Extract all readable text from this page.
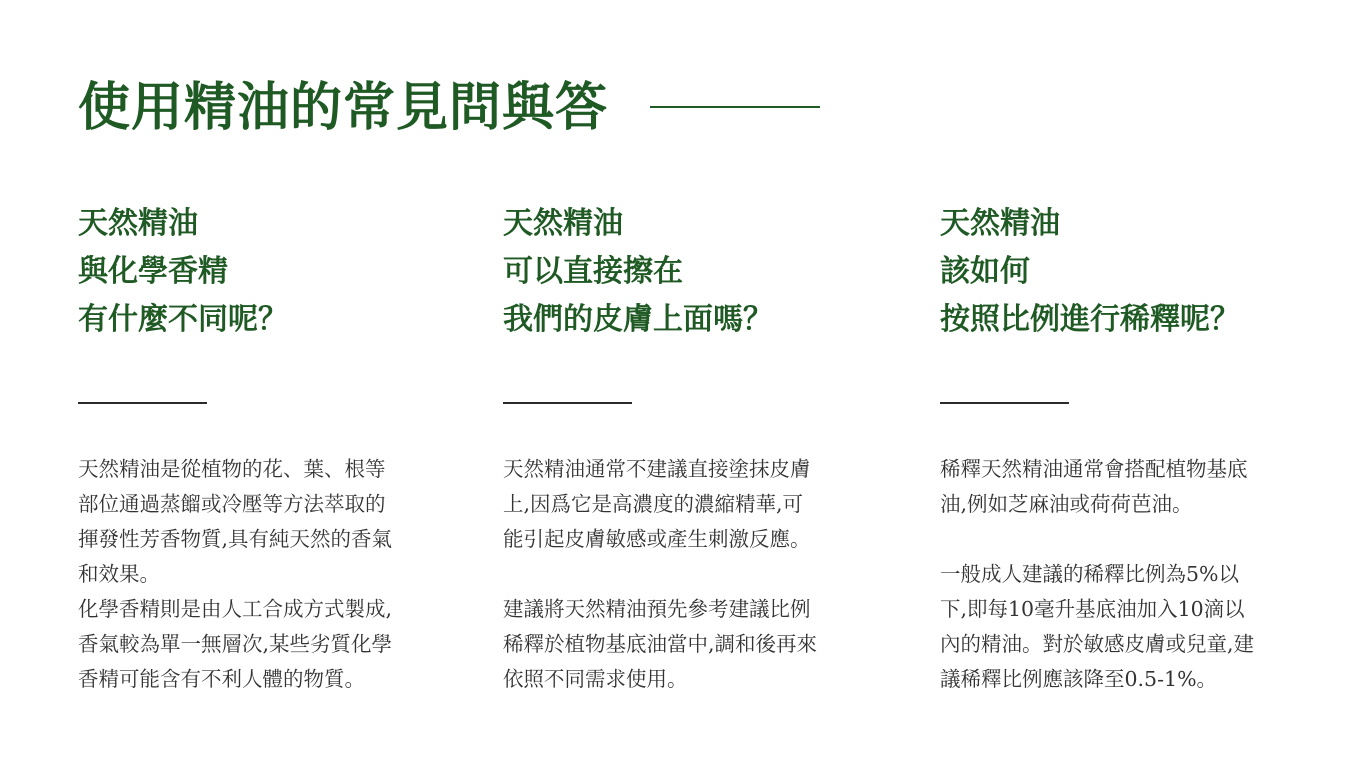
使用精油的常見問與答
天然精油
與化學香精
有什麼不同呢？
天然精油是從植物的花、葉、根等
部位通過蒸餾或冷壓等方法萃取的
揮發性芳香物質,具有純天然的香氣
和效果。
化學香精則是由人工合成方式製成,
香氣較為單一無層次,某些劣質化學
香精可能含有不利人體的物質。
天然精油
可以直接擦在
我們的皮膚上面嗎？
天然精油通常不建議直接塗抹皮膚
上,因爲它是高濃度的濃縮精華,可
能引起皮膚敏感或產生刺激反應。
建議將天然精油預先參考建議比例
稀釋於植物基底油當中,調和後再來
依照不同需求使用。
天然精油
該如何
按照比例進行稀釋呢？
稀釋天然精油通常會搭配植物基底
油,例如芝麻油或荷荷芭油。
一般成人建議的稀釋比例為5%以
下,即每10毫升基底油加入10滴以
內的精油。對於敏感皮膚或兒童,建
議稀釋比例應該降至0.5-1%。
